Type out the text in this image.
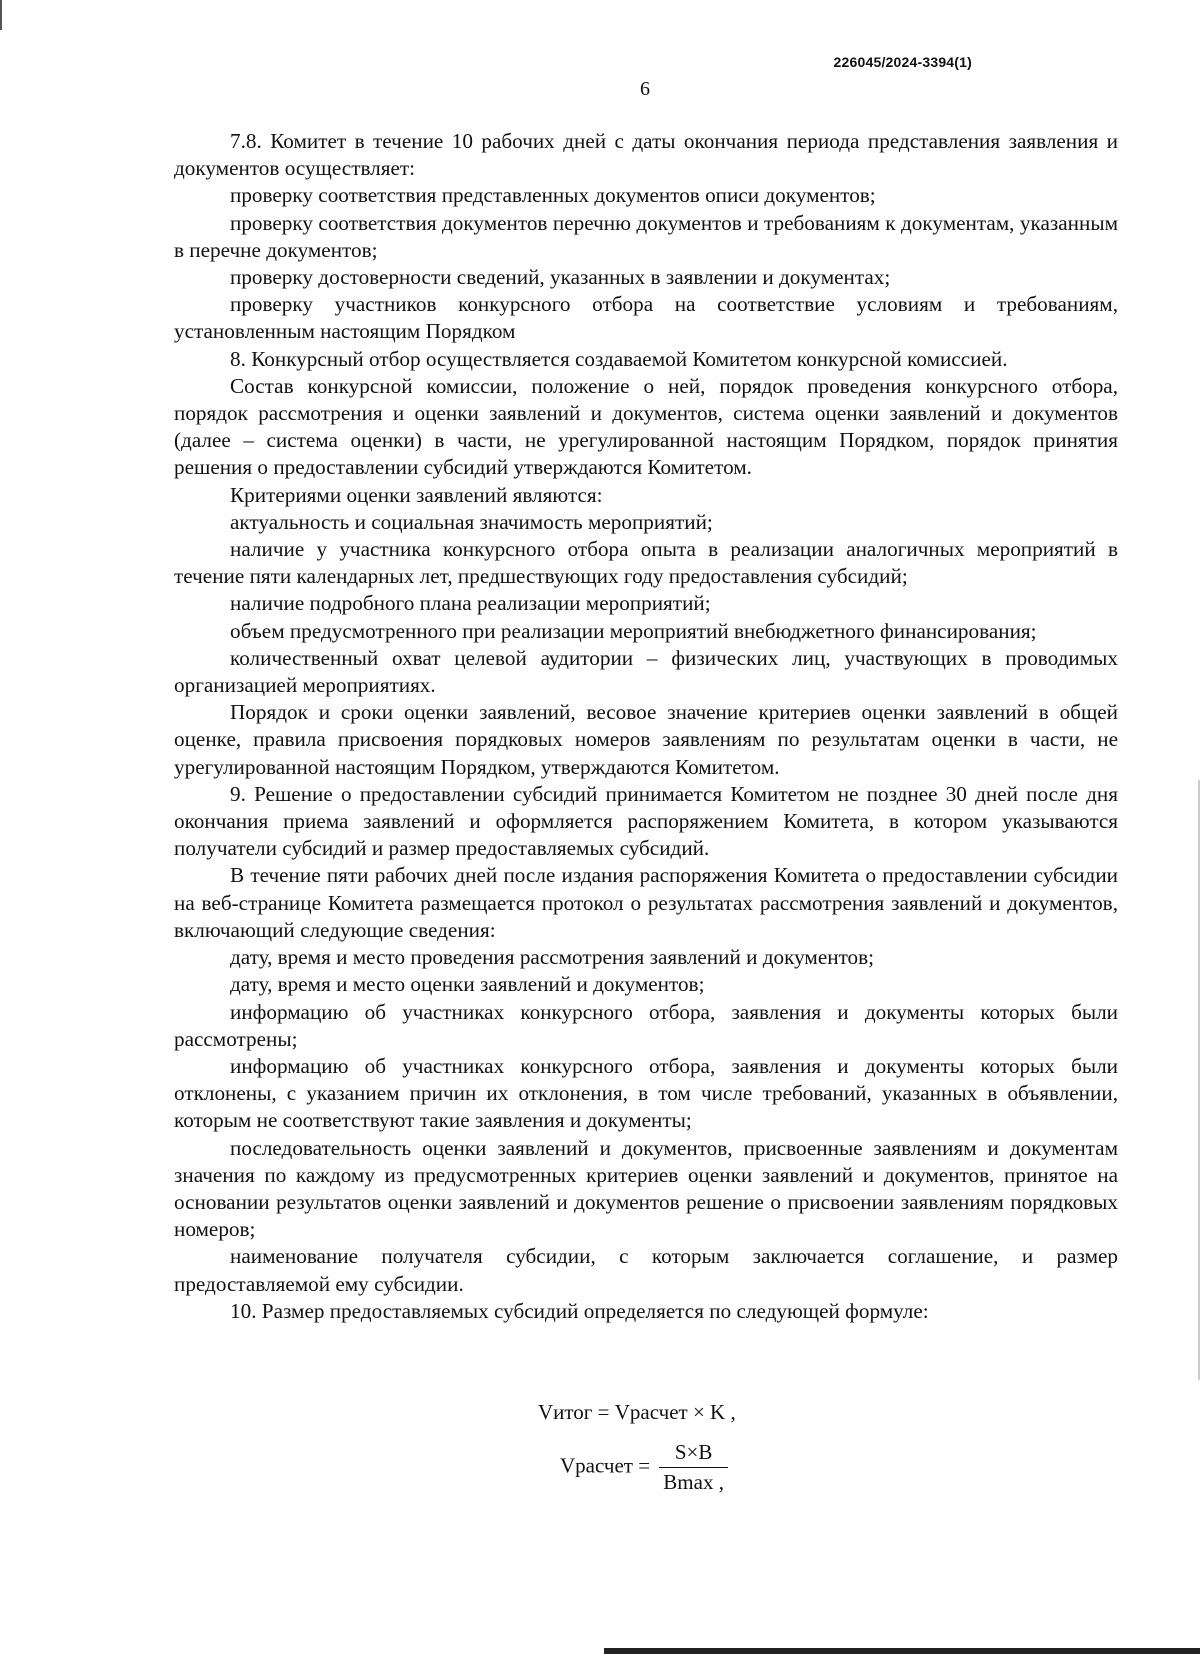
226045/2024-3394(1)
6

7.8. Комитет в течение 10 рабочих дней с даты окончания периода представления заявления и документов осуществляет:

проверку соответствия представленных документов описи документов;

проверку соответствия документов перечню документов и требованиям к документам, указанным в перечне документов;

проверку достоверности сведений, указанных в заявлении и документах;

проверку участников конкурсного отбора на соответствие условиям и требованиям, установленным настоящим Порядком

8. Конкурсный отбор осуществляется создаваемой Комитетом конкурсной комиссией.

Состав конкурсной комиссии, положение о ней, порядок проведения конкурсного отбора, порядок рассмотрения и оценки заявлений и документов, система оценки заявлений и документов (далее – система оценки) в части, не урегулированной настоящим Порядком, порядок принятия решения о предоставлении субсидий утверждаются Комитетом.

Критериями оценки заявлений являются:

актуальность и социальная значимость мероприятий;

наличие у участника конкурсного отбора опыта в реализации аналогичных мероприятий в течение пяти календарных лет, предшествующих году предоставления субсидий;

наличие подробного плана реализации мероприятий;

объем предусмотренного при реализации мероприятий внебюджетного финансирования;

количественный охват целевой аудитории – физических лиц, участвующих в проводимых организацией мероприятиях.

Порядок и сроки оценки заявлений, весовое значение критериев оценки заявлений в общей оценке, правила присвоения порядковых номеров заявлениям по результатам оценки в части, не урегулированной настоящим Порядком, утверждаются Комитетом.

9. Решение о предоставлении субсидий принимается Комитетом не позднее 30 дней после дня окончания приема заявлений и оформляется распоряжением Комитета, в котором указываются получатели субсидий и размер предоставляемых субсидий.

В течение пяти рабочих дней после издания распоряжения Комитета о предоставлении субсидии на веб-странице Комитета размещается протокол о результатах рассмотрения заявлений и документов, включающий следующие сведения:

дату, время и место проведения рассмотрения заявлений и документов;

дату, время и место оценки заявлений и документов;

информацию об участниках конкурсного отбора, заявления и документы которых были рассмотрены;

информацию об участниках конкурсного отбора, заявления и документы которых были отклонены, с указанием причин их отклонения, в том числе требований, указанных в объявлении, которым не соответствуют такие заявления и документы;

последовательность оценки заявлений и документов, присвоенные заявлениям и документам значения по каждому из предусмотренных критериев оценки заявлений и документов, принятое на основании результатов оценки заявлений и документов решение о присвоении заявлениям порядковых номеров;

наименование получателя субсидии, с которым заключается соглашение, и размер предоставляемой ему субсидии.

10. Размер предоставляемых субсидий определяется по следующей формуле:

Vитог = Vрасчет × K ,
Vрасчет = $\frac{S\times B}{Bmax ,}$
